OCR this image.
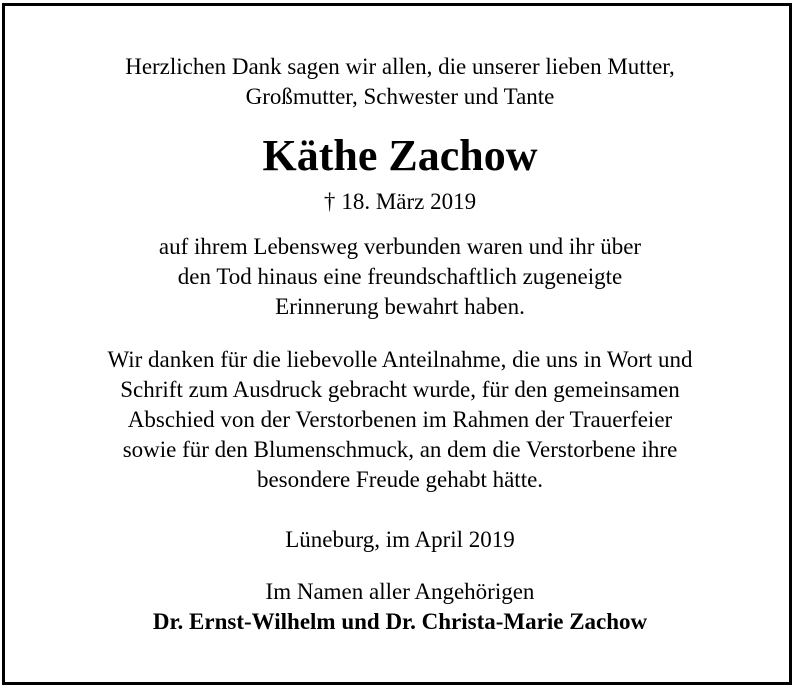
Herzlichen Dank sagen wir allen, die unserer lieben Mutter,
Großmutter, Schwester und Tante
Käthe Zachow
† 18. März 2019
auf ihrem Lebensweg verbunden waren und ihr über
den Tod hinaus eine freundschaftlich zugeneigte
Erinnerung bewahrt haben.
Wir danken für die liebevolle Anteilnahme, die uns in Wort und
Schrift zum Ausdruck gebracht wurde, für den gemeinsamen
Abschied von der Verstorbenen im Rahmen der Trauerfeier
sowie für den Blumenschmuck, an dem die Verstorbene ihre
besondere Freude gehabt hätte.
Lüneburg, im April 2019
Im Namen aller Angehörigen
Dr. Ernst-Wilhelm und Dr. Christa-Marie Zachow
